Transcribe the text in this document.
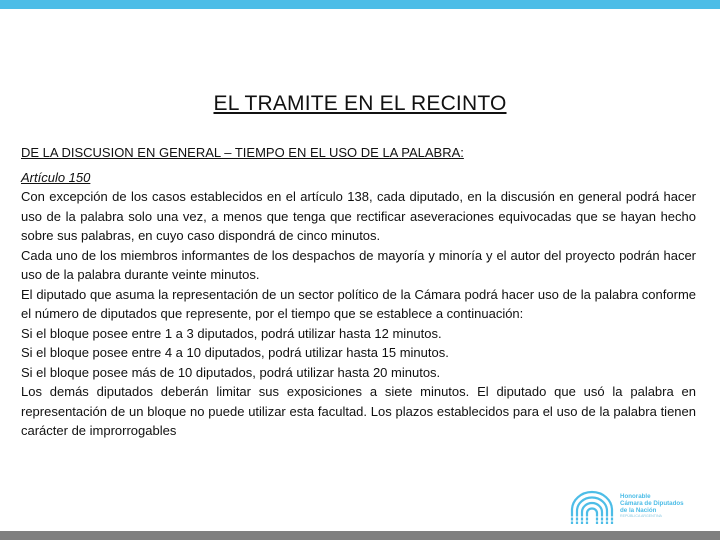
EL TRAMITE EN EL RECINTO

DE LA DISCUSION EN GENERAL – TIEMPO EN EL USO DE LA PALABRA:

Artículo 150

Con excepción de los casos establecidos en el artículo 138, cada diputado, en la discusión en general podrá hacer uso de la palabra solo una vez, a menos que tenga que rectificar aseveraciones equivocadas que se hayan hecho sobre sus palabras, en cuyo caso dispondrá de cinco minutos.

Cada uno de los miembros informantes de los despachos de mayoría y minoría y el autor del proyecto podrán hacer uso de la palabra durante veinte minutos.

El diputado que asuma la representación de un sector político de la Cámara podrá hacer uso de la palabra conforme el número de diputados que represente, por el tiempo que se establece a continuación:

Si el bloque posee entre 1 a 3 diputados, podrá utilizar hasta 12 minutos.

Si el bloque posee entre 4 a 10 diputados, podrá utilizar hasta 15 minutos.

Si el bloque posee más de 10 diputados, podrá utilizar hasta 20 minutos.

Los demás diputados deberán limitar sus exposiciones a siete minutos. El diputado que usó la palabra en representación de un bloque no puede utilizar esta facultad. Los plazos establecidos para el uso de la palabra tienen carácter de improrrogables

Honorable
Cámara de Diputados
de la Nación
REPÚBLICA ARGENTINA
